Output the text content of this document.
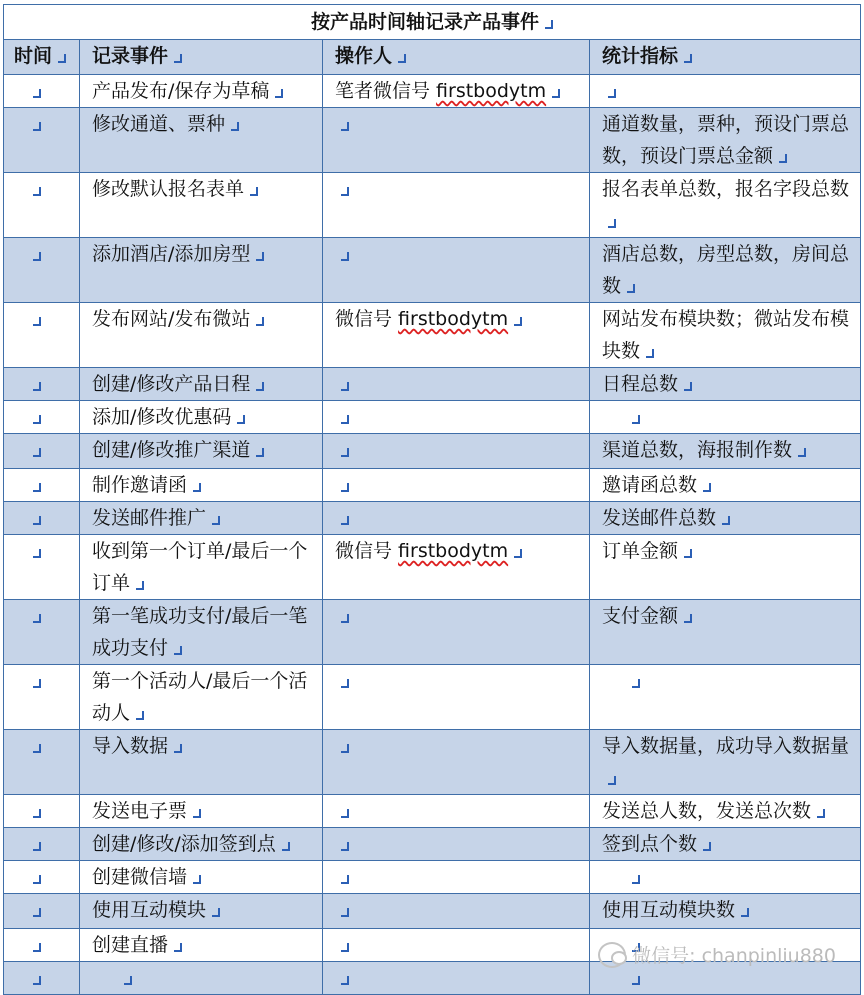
按产品时间轴记录产品事件			

时间	记录事件	操作人	统计指标

	产品发布/保存为草稿	笔者微信号 firstbodytm	

	修改通道、票种		通道数量，票种，预设门票总数，预设门票总金额

	修改默认报名表单		报名表单总数，报名字段总数

	添加酒店/添加房型		酒店总数，房型总数，房间总数

	发布网站/发布微站	微信号 firstbodytm	网站发布模块数；微站发布模块数

	创建/修改产品日程		日程总数

	添加/修改优惠码		

	创建/修改推广渠道		渠道总数，海报制作数

	制作邀请函		邀请函总数

	发送邮件推广		发送邮件总数

	收到第一个订单/最后一个订单	微信号 firstbodytm	订单金额

	第一笔成功支付/最后一笔成功支付		支付金额

	第一个活动人/最后一个活动人		

	导入数据		导入数据量，成功导入数据量

	发送电子票		发送总人数，发送总次数

	创建/修改/添加签到点		签到点个数

	创建微信墙		

	使用互动模块		使用互动模块数

	创建直播		

		微信号: chanpinliu880
